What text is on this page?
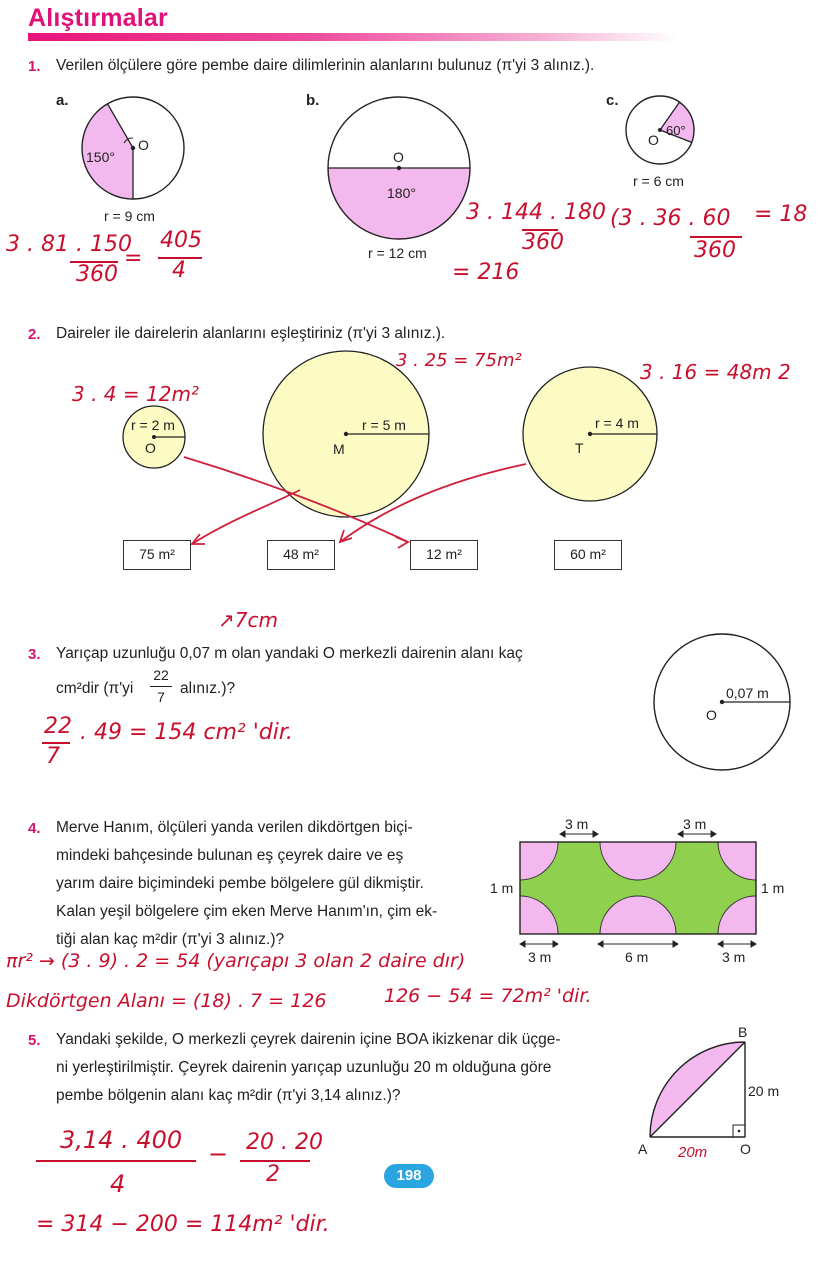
Alıştırmalar
1. Verilen ölçülere göre pembe daire dilimlerinin alanlarını bulunuz (π'yi 3 alınız.).
a.	b.	c.
150°
O
r = 9 cm
O
180°
r = 12 cm
60°
O
r = 6 cm
3 . 81 . 150
360
=
405
4
3 . 144 . 180
360
= 216
(3 . 36 . 60
360
= 18
2. Daireler ile dairelerin alanlarını eşleştiriniz (π'yi 3 alınız.).
r = 2 m
O
r = 5 m
M
r = 4 m
T
75 m²	48 m²	12 m²	60 m²
3 . 4 = 12m²
3 . 25 = 75m²	3 . 16 = 48m 2
↗7cm
3. Yarıçap uzunluğu 0,07 m olan yandaki O merkezli dairenin alanı kaç
cm²dir (π'yi
22
7 alınız.)?	0,07 m
O
22
7
. 49 = 154 cm² 'dir.
4. Merve Hanım, ölçüleri yanda verilen dikdörtgen biçi-
mindeki bahçesinde bulunan eş çeyrek daire ve eş
yarım daire biçimindeki pembe bölgelere gül dikmiştir.
Kalan yeşil bölgelere çim eken Merve Hanım'ın, çim ek-
tiği alan kaç m²dir (π'yi 3 alınız.)?
3 m	3 m
1 m	1 m
3 m	6 m	3 m
πr² → (3 . 9) . 2 = 54 (yarıçapı 3 olan 2 daire dır)
Dikdörtgen Alanı = (18) . 7 = 126	126 − 54 = 72m² 'dir.
5. Yandaki şekilde, O merkezli çeyrek dairenin içine BOA ikizkenar dik üçge-
ni yerleştirilmiştir. Çeyrek dairenin yarıçap uzunluğu 20 m olduğuna göre
pembe bölgenin alanı kaç m²dir (π'yi 3,14 alınız.)?
B
A	O
20 m
20m
3,14 . 400
4
− 20 . 20
2
= 314 − 200 = 114m² 'dir.
198
